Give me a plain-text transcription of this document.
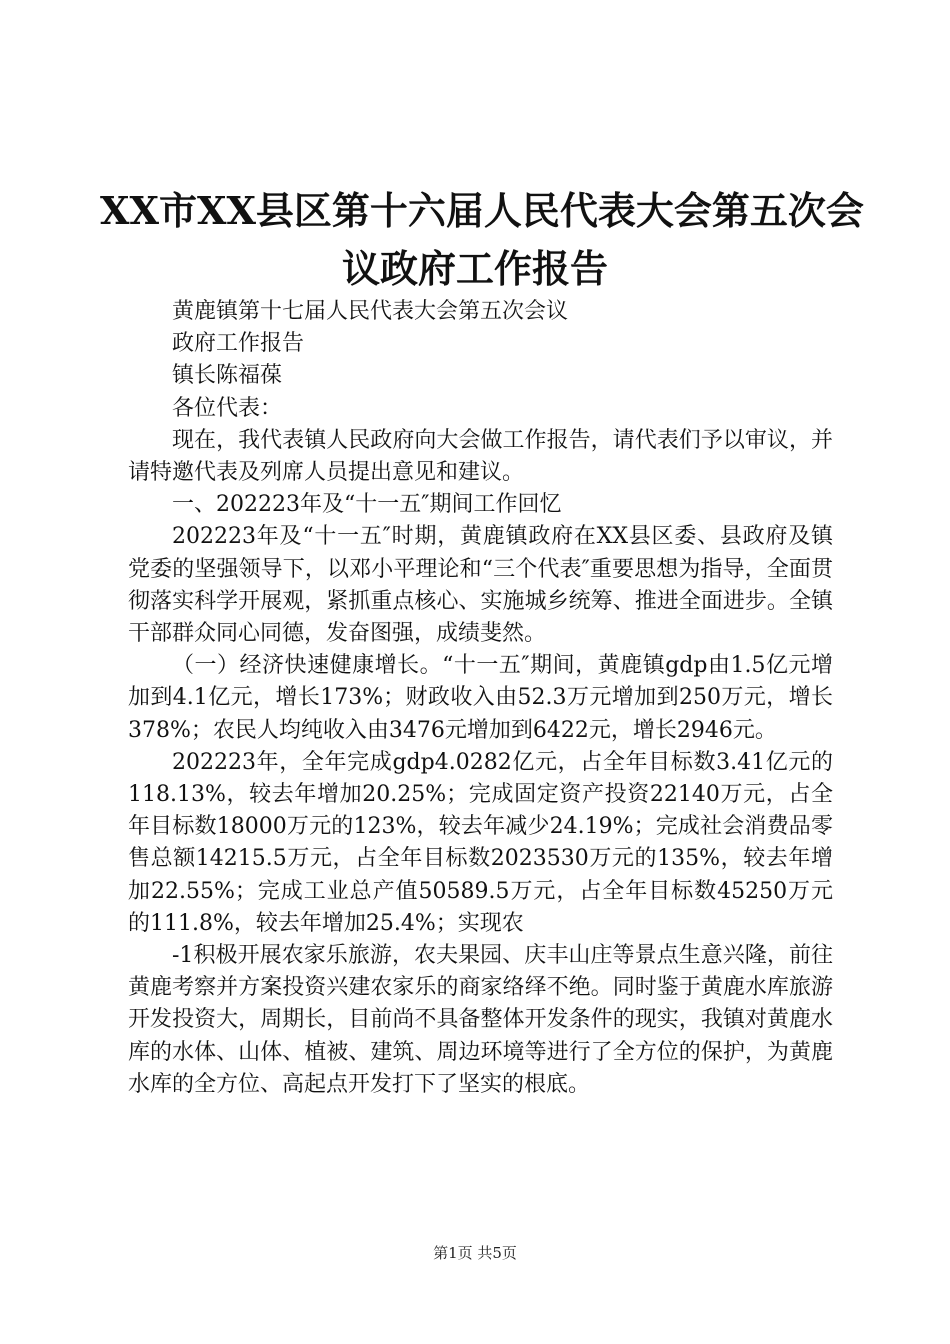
XX市XX县区第十六届人民代表大会第五次会
议政府工作报告

黄鹿镇第十七届人民代表大会第五次会议

政府工作报告

镇长陈福葆

各位代表：

现在，我代表镇人民政府向大会做工作报告，请代表们予以审议，并请特邀代表及列席人员提出意见和建议。

一、202223年及“十一五″期间工作回忆

202223年及“十一五″时期，黄鹿镇政府在XX县区委、县政府及镇党委的坚强领导下，以邓小平理论和“三个代表″重要思想为指导，全面贯彻落实科学开展观，紧抓重点核心、实施城乡统筹、推进全面进步。全镇干部群众同心同德，发奋图强，成绩斐然。

（一）经济快速健康增长。“十一五″期间，黄鹿镇gdp由1.5亿元增加到4.1亿元，增长173%；财政收入由52.3万元增加到250万元，增长378%；农民人均纯收入由3476元增加到6422元，增长2946元。

202223年，全年完成gdp4.0282亿元，占全年目标数3.41亿元的118.13%，较去年增加20.25%；完成固定资产投资22140万元，占全年目标数18000万元的123%，较去年减少24.19%；完成社会消费品零售总额14215.5万元，占全年目标数2023530万元的135%，较去年增加22.55%；完成工业总产值50589.5万元，占全年目标数45250万元的111.8%，较去年增加25.4%；实现农

-1积极开展农家乐旅游，农夫果园、庆丰山庄等景点生意兴隆，前往黄鹿考察并方案投资兴建农家乐的商家络绎不绝。同时鉴于黄鹿水库旅游开发投资大，周期长，目前尚不具备整体开发条件的现实，我镇对黄鹿水库的水体、山体、植被、建筑、周边环境等进行了全方位的保护，为黄鹿水库的全方位、高起点开发打下了坚实的根底。

第1页 共5页
